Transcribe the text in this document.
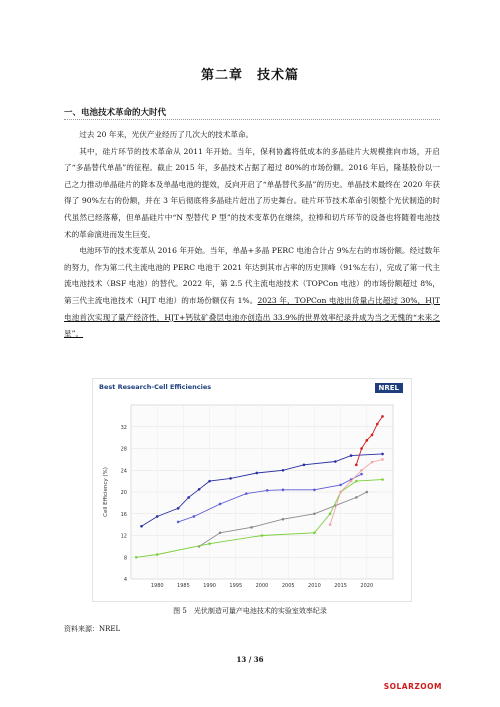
第二章　技术篇
一、电池技术革命的大时代

过去 20 年来，光伏产业经历了几次大的技术革命。

其中，硅片环节的技术革命从 2011 年开始。当年，保利协鑫将低成本的多晶硅片大规模推向市场，开启了“多晶替代单晶”的征程。截止 2015 年，多晶技术占据了超过 80%的市场份额。2016 年后，隆基股份以一己之力推动单晶硅片的降本及单晶电池的提效，反向开启了“单晶替代多晶”的历史。单晶技术最终在 2020 年获得了 90%左右的份额，并在 3 年后彻底将多晶硅片赶出了历史舞台。硅片环节技术革命引领整个光伏制造的时代虽然已经落幕，但单晶硅片中“N 型替代 P 型”的技术变革仍在继续，拉棒和切片环节的设备也将随着电池技术的革命演进而发生巨变。

电池环节的技术变革从 2016 年开始。当年，单晶+多晶 PERC 电池合计占 9%左右的市场份额。经过数年的努力，作为第二代主流电池的 PERC 电池于 2021 年达到其市占率的历史顶峰（91%左右），完成了第一代主流电池技术（BSF 电池）的替代。2022 年，第 2.5 代主流电池技术（TOPCon 电池）的市场份额超过 8%，第三代主流电池技术（HJT 电池）的市场份额仅有 1%。2023 年，TOPCon 电池出货量占比超过 30%，HJT 电池首次实现了量产经济性，HJT+钙钛矿叠层电池亦创造出 33.9%的世界效率纪录并成为当之无愧的“未来之星”。

Best Research-Cell Efficiencies	NREL
4
8
12
16
20
24
28
32
1980	1985	1990	1995	2000	2005	2010	2015	2020
Cell Efficiency (%)
图 5　光伏制造可量产电池技术的实验室效率纪录
资料来源：NREL
13 / 36
SOLARZOOM
